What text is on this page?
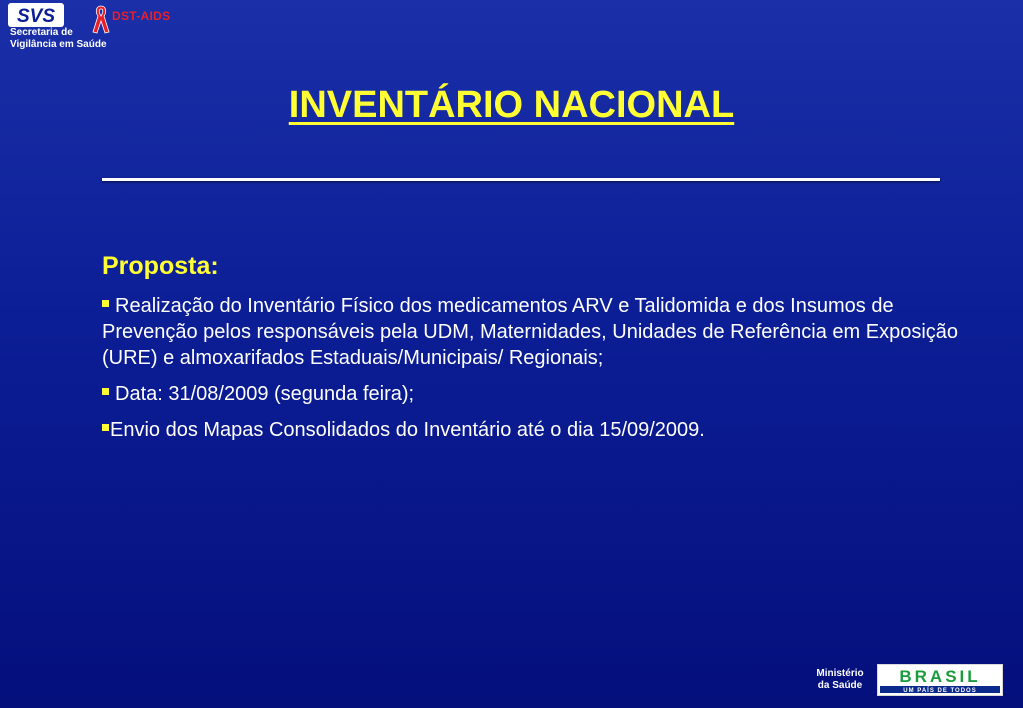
SVS
Secretaria de
Vigilância em Saúde
DST-AIDS
INVENTÁRIO NACIONAL
Proposta:

Realização do Inventário Físico dos medicamentos ARV e Talidomida e dos Insumos de Prevenção pelos responsáveis pela UDM, Maternidades, Unidades de Referência em Exposição (URE) e almoxarifados Estaduais/Municipais/ Regionais;

Data: 31/08/2009 (segunda feira);

Envio dos Mapas Consolidados do Inventário até o dia 15/09/2009.

Ministério
da Saúde	BRASIL
UM PAÍS DE TODOS
